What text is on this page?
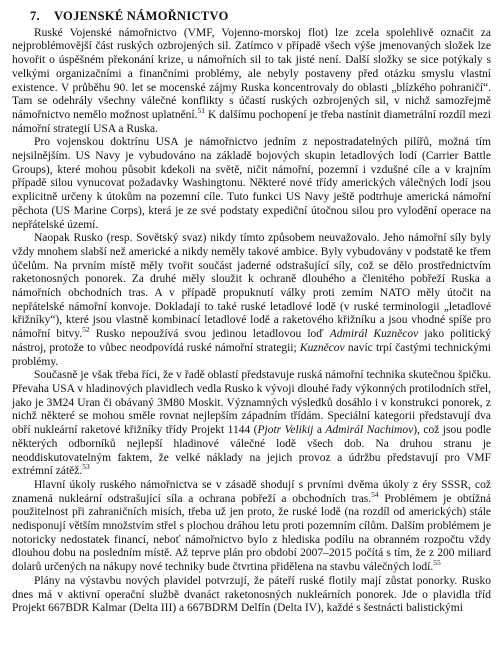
7. VOJENSKÉ NÁMOŘNICTVO

Ruské Vojenské námořnictvo (VMF, Vojenno-morskoj flot) lze zcela spolehlivě označit za nejproblémovější část ruských ozbrojených sil. Zatímco v případě všech výše jmenovaných složek lze hovořit o úspěšném překonání krize, u námořních sil to tak jisté není. Další složky se sice potýkaly s velkými organizačními a finančními problémy, ale nebyly postaveny před otázku smyslu vlastní existence. V průběhu 90. let se mocenské zájmy Ruska koncentrovaly do oblasti „blízkého pohraničí“. Tam se odehrály všechny válečné konflikty s účastí ruských ozbrojených sil, v nichž samozřejmě námořnictvo nemělo možnost uplatnění.$^{51}$ K dalšímu pochopení je třeba nastínit diametrální rozdíl mezi námořní strategií USA a Ruska.

Pro vojenskou doktrínu USA je námořnictvo jedním z nepostradatelných pilířů, možná tím nejsilnějším. US Navy je vybudováno na základě bojových skupin letadlových lodí (Carrier Battle Groups), které mohou působit kdekoli na světě, ničit námořní, pozemní i vzdušné cíle a v krajním případě silou vynucovat požadavky Washingtonu. Některé nové třídy amerických válečných lodí jsou explicitně určeny k útokům na pozemní cíle. Tuto funkci US Navy ještě podtrhuje americká námořní pěchota (US Marine Corps), která je ze své podstaty expediční útočnou silou pro vylodění operace na nepřátelské území.

Naopak Rusko (resp. Sovětský svaz) nikdy tímto způsobem neuvažovalo. Jeho námořní síly byly vždy mnohem slabší než americké a nikdy neměly takové ambice. Byly vybudovány v podstatě ke třem účelům. Na prvním místě měly tvořit součást jaderné odstrašující síly, což se dělo prostřednictvím raketonosných ponorek. Za druhé měly sloužit k ochraně dlouhého a členitého pobřeží Ruska a námořních obchodních tras. A v případě propuknutí války proti zemím NATO měly útočit na nepřátelské námořní konvoje. Dokladají to také ruské letadlové lodě (v ruské terminologii „letadlové křižníky“), které jsou vlastně kombinací letadlové lodě a raketového křižníku a jsou vhodné spíše pro námořní bitvy.$^{52}$ Rusko nepoužívá svou jedinou letadlovou loď Admirál Kuzněcov jako politický nástroj, protože to vůbec neodpovídá ruské námořní strategii; Kuzněcov navíc trpí častými technickými problémy.

Současně je však třeba říci, že v řadě oblastí představuje ruská námořní technika skutečnou špičku. Převaha USA v hladinových plavidlech vedla Rusko k vývoji dlouhé řady výkonných protilodních střel, jako je 3M24 Uran či obávaný 3M80 Moskit. Významných výsledků dosáhlo i v konstrukci ponorek, z nichž některé se mohou směle rovnat nejlepším západním třídám. Speciální kategorii představují dva obří nukleární raketové křižníky třídy Projekt 1144 (Pjotr Velikij a Admirál Nachimov), což jsou podle některých odborníků nejlepší hladinové válečné lodě všech dob. Na druhou stranu je neoddiskutovatelným faktem, že velké náklady na jejich provoz a údržbu představují pro VMF extrémní zátěž.$^{53}$

Hlavní úkoly ruského námořnictva se v zásadě shodují s prvními dvěma úkoly z éry SSSR, což znamená nukleární odstrašující síla a ochrana pobřeží a obchodních tras.$^{54}$ Problémem je obtížná použitelnost při zahraničních misích, třeba už jen proto, že ruské lodě (na rozdíl od amerických) stále nedisponují větším množstvím střel s plochou dráhou letu proti pozemním cílům. Dalším problémem je notoricky nedostatek financí, neboť námořnictvo bylo z hlediska podílu na obranném rozpočtu vždy dlouhou dobu na posledním místě. Až teprve plán pro období 2007–2015 počítá s tím, že z 200 miliard dolarů určených na nákupy nové techniky bude čtvrtina přidělena na stavbu válečných lodí.$^{55}$

Plány na výstavbu nových plavidel potvrzují, že páteří ruské flotily mají zůstat ponorky. Rusko dnes má v aktivní operační službě dvanáct raketonosných nukleárních ponorek. Jde o plavidla tříd Projekt 667BDR Kalmar (Delta III) a 667BDRM Delfín (Delta IV), každé s šestnácti balistickými
